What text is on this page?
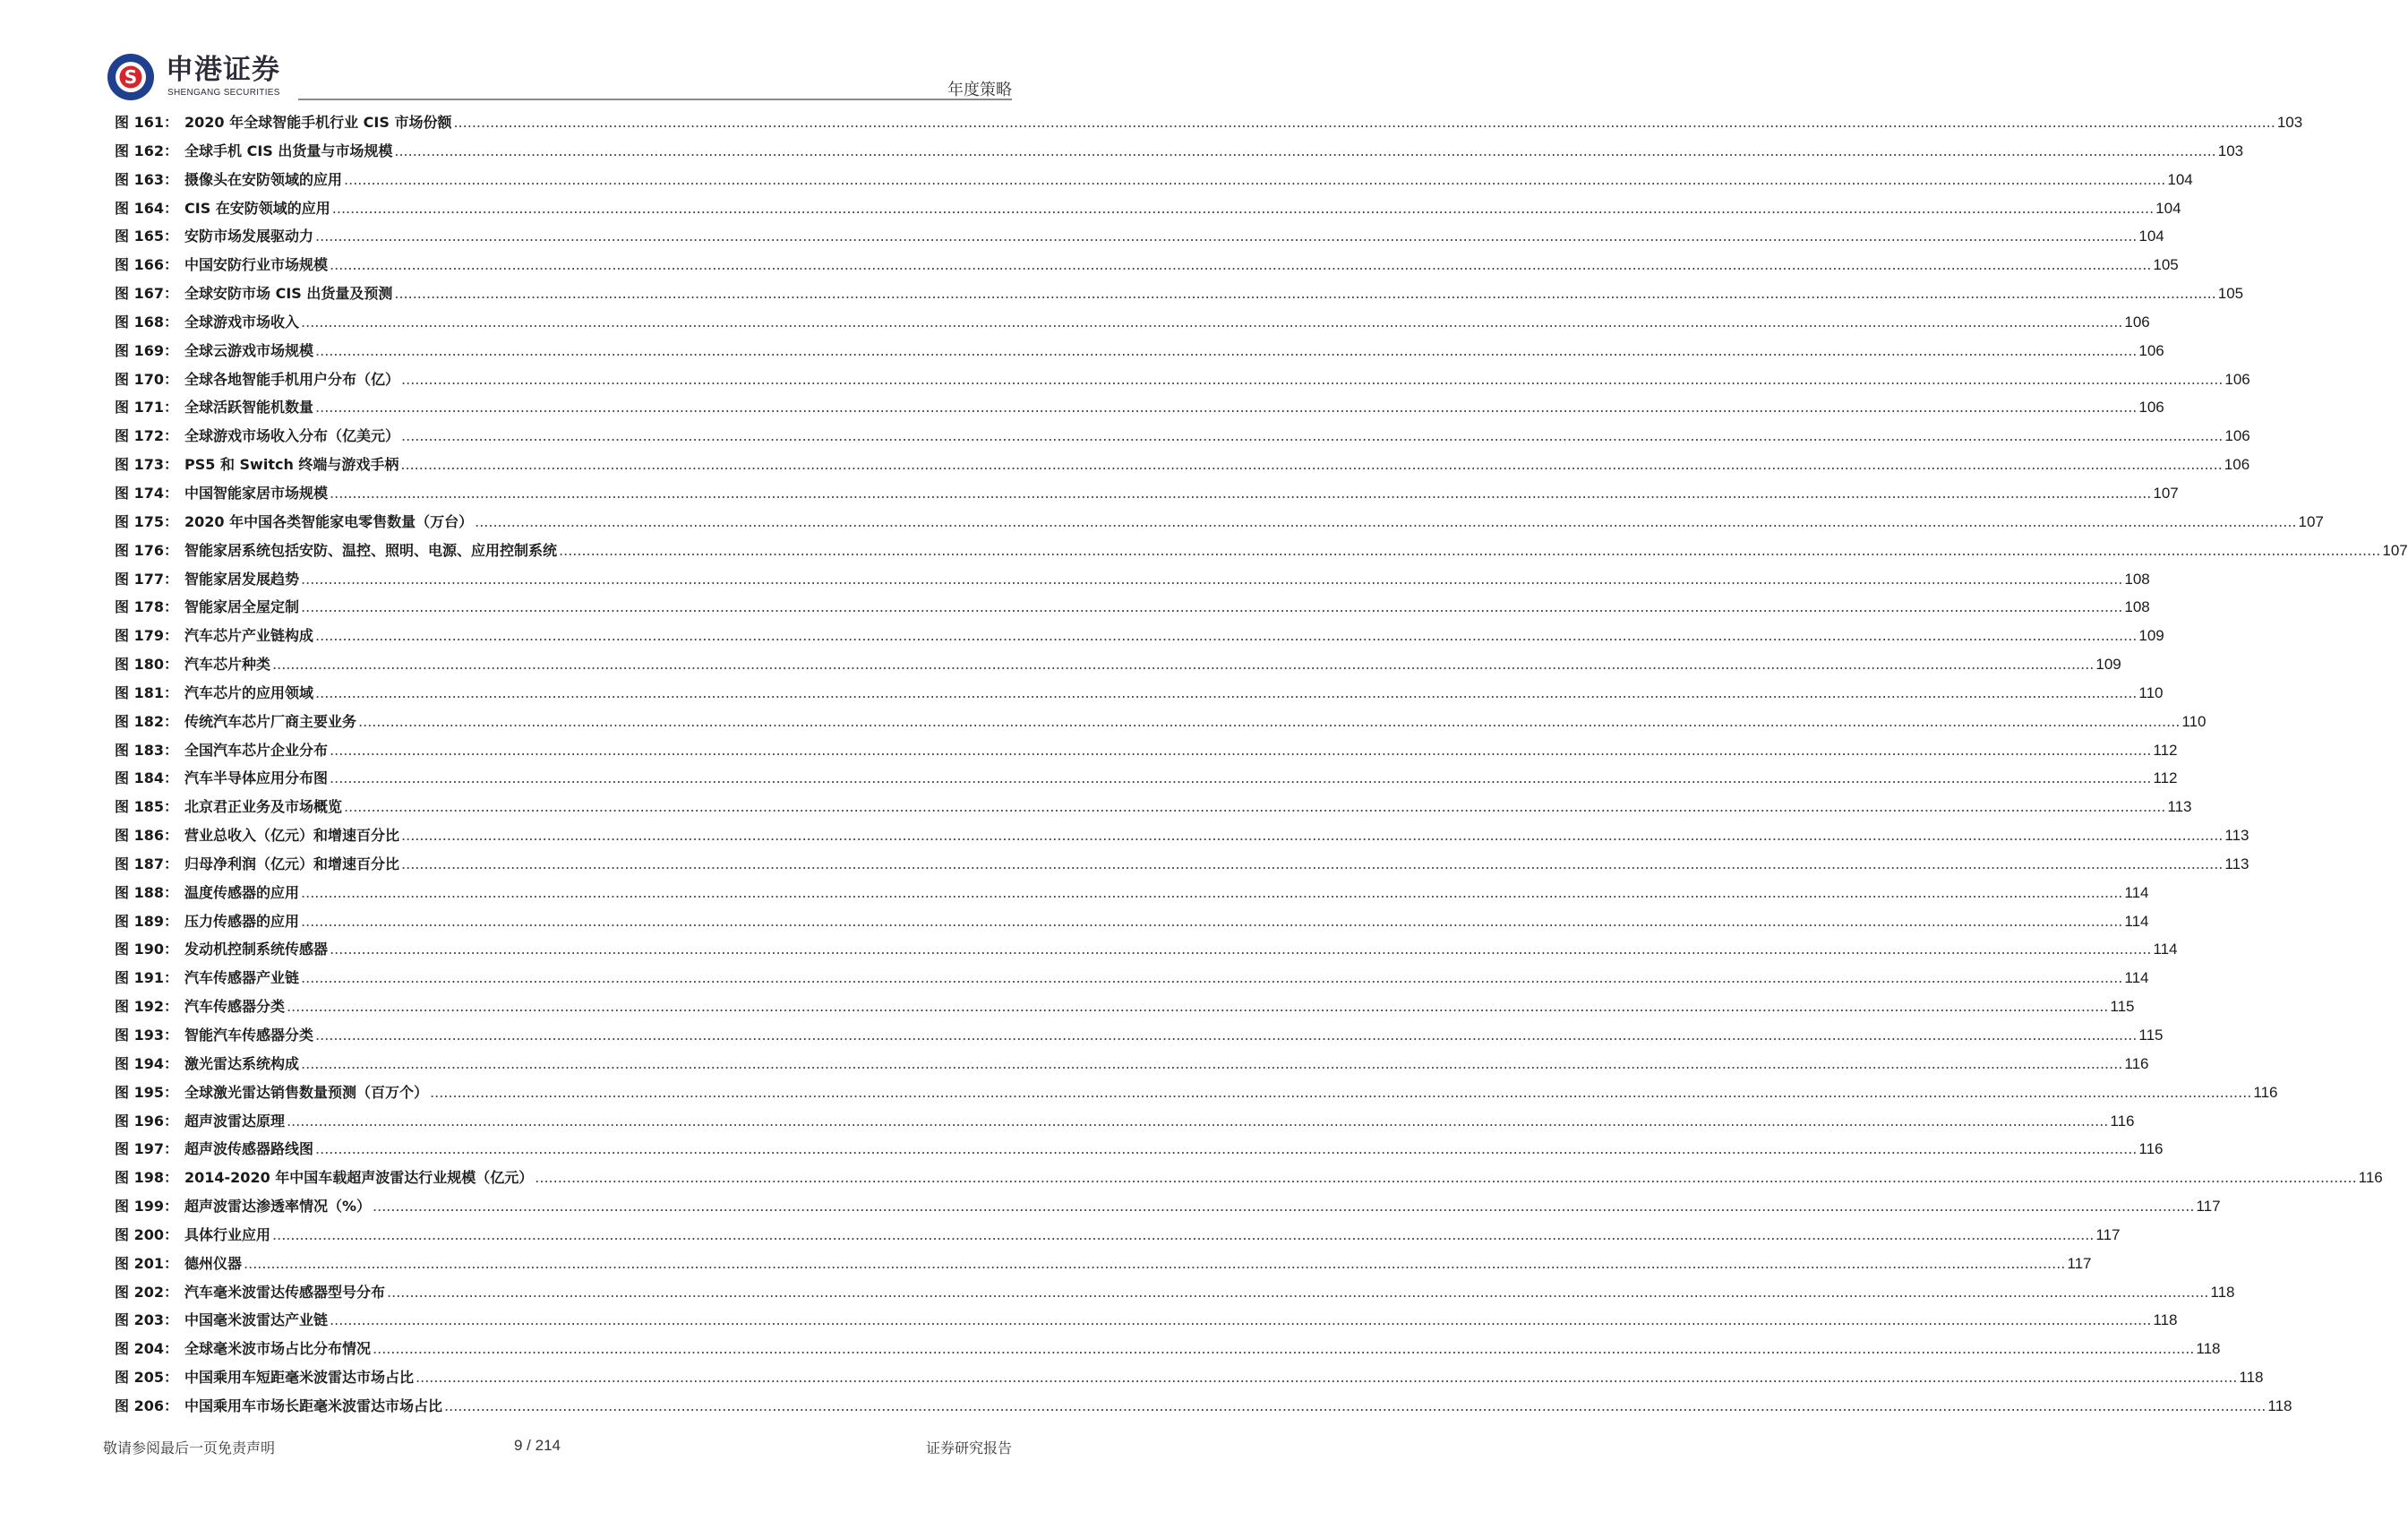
S 申港证券
SHENGANG SECURITIES	年度策略
图 161： 2020 年全球智能手机行业 CIS 市场份额 ................................................................................................................................................................................................................................................................................................................................................................................................................ 103
图 162： 全球手机 CIS 出货量与市场规模 ................................................................................................................................................................................................................................................................................................................................................................................................................ 103
图 163： 摄像头在安防领域的应用 ................................................................................................................................................................................................................................................................................................................................................................................................................ 104
图 164： CIS 在安防领域的应用 ................................................................................................................................................................................................................................................................................................................................................................................................................ 104
图 165： 安防市场发展驱动力 ................................................................................................................................................................................................................................................................................................................................................................................................................ 104
图 166： 中国安防行业市场规模 ................................................................................................................................................................................................................................................................................................................................................................................................................ 105
图 167： 全球安防市场 CIS 出货量及预测 ................................................................................................................................................................................................................................................................................................................................................................................................................ 105
图 168： 全球游戏市场收入 ................................................................................................................................................................................................................................................................................................................................................................................................................ 106
图 169： 全球云游戏市场规模 ................................................................................................................................................................................................................................................................................................................................................................................................................ 106
图 170： 全球各地智能手机用户分布（亿） ................................................................................................................................................................................................................................................................................................................................................................................................................ 106
图 171： 全球活跃智能机数量 ................................................................................................................................................................................................................................................................................................................................................................................................................ 106
图 172： 全球游戏市场收入分布（亿美元） ................................................................................................................................................................................................................................................................................................................................................................................................................ 106
图 173： PS5 和 Switch 终端与游戏手柄 ................................................................................................................................................................................................................................................................................................................................................................................................................ 106
图 174： 中国智能家居市场规模 ................................................................................................................................................................................................................................................................................................................................................................................................................ 107
图 175： 2020 年中国各类智能家电零售数量（万台） ................................................................................................................................................................................................................................................................................................................................................................................................................ 107
图 176： 智能家居系统包括安防、温控、照明、电源、应用控制系统 ................................................................................................................................................................................................................................................................................................................................................................................................................ 107
图 177： 智能家居发展趋势 ................................................................................................................................................................................................................................................................................................................................................................................................................ 108
图 178： 智能家居全屋定制 ................................................................................................................................................................................................................................................................................................................................................................................................................ 108
图 179： 汽车芯片产业链构成 ................................................................................................................................................................................................................................................................................................................................................................................................................ 109
图 180： 汽车芯片种类 ................................................................................................................................................................................................................................................................................................................................................................................................................ 109
图 181： 汽车芯片的应用领域 ................................................................................................................................................................................................................................................................................................................................................................................................................ 110
图 182： 传统汽车芯片厂商主要业务 ................................................................................................................................................................................................................................................................................................................................................................................................................ 110
图 183： 全国汽车芯片企业分布 ................................................................................................................................................................................................................................................................................................................................................................................................................ 112
图 184： 汽车半导体应用分布图 ................................................................................................................................................................................................................................................................................................................................................................................................................ 112
图 185： 北京君正业务及市场概览 ................................................................................................................................................................................................................................................................................................................................................................................................................ 113
图 186： 营业总收入（亿元）和增速百分比 ................................................................................................................................................................................................................................................................................................................................................................................................................ 113
图 187： 归母净利润（亿元）和增速百分比 ................................................................................................................................................................................................................................................................................................................................................................................................................ 113
图 188： 温度传感器的应用 ................................................................................................................................................................................................................................................................................................................................................................................................................ 114
图 189： 压力传感器的应用 ................................................................................................................................................................................................................................................................................................................................................................................................................ 114
图 190： 发动机控制系统传感器 ................................................................................................................................................................................................................................................................................................................................................................................................................ 114
图 191： 汽车传感器产业链 ................................................................................................................................................................................................................................................................................................................................................................................................................ 114
图 192： 汽车传感器分类 ................................................................................................................................................................................................................................................................................................................................................................................................................ 115
图 193： 智能汽车传感器分类 ................................................................................................................................................................................................................................................................................................................................................................................................................ 115
图 194： 激光雷达系统构成 ................................................................................................................................................................................................................................................................................................................................................................................................................ 116
图 195： 全球激光雷达销售数量预测（百万个） ................................................................................................................................................................................................................................................................................................................................................................................................................ 116
图 196： 超声波雷达原理 ................................................................................................................................................................................................................................................................................................................................................................................................................ 116
图 197： 超声波传感器路线图 ................................................................................................................................................................................................................................................................................................................................................................................................................ 116
图 198： 2014-2020 年中国车载超声波雷达行业规模（亿元） ................................................................................................................................................................................................................................................................................................................................................................................................................ 116
图 199： 超声波雷达渗透率情况（%） ................................................................................................................................................................................................................................................................................................................................................................................................................ 117
图 200： 具体行业应用 ................................................................................................................................................................................................................................................................................................................................................................................................................ 117
图 201： 德州仪器 ................................................................................................................................................................................................................................................................................................................................................................................................................ 117
图 202： 汽车毫米波雷达传感器型号分布 ................................................................................................................................................................................................................................................................................................................................................................................................................ 118
图 203： 中国毫米波雷达产业链 ................................................................................................................................................................................................................................................................................................................................................................................................................ 118
图 204： 全球毫米波市场占比分布情况 ................................................................................................................................................................................................................................................................................................................................................................................................................ 118
图 205： 中国乘用车短距毫米波雷达市场占比 ................................................................................................................................................................................................................................................................................................................................................................................................................ 118
图 206： 中国乘用车市场长距毫米波雷达市场占比 ................................................................................................................................................................................................................................................................................................................................................................................................................ 118
敬请参阅最后一页免责声明	9 / 214	证券研究报告
